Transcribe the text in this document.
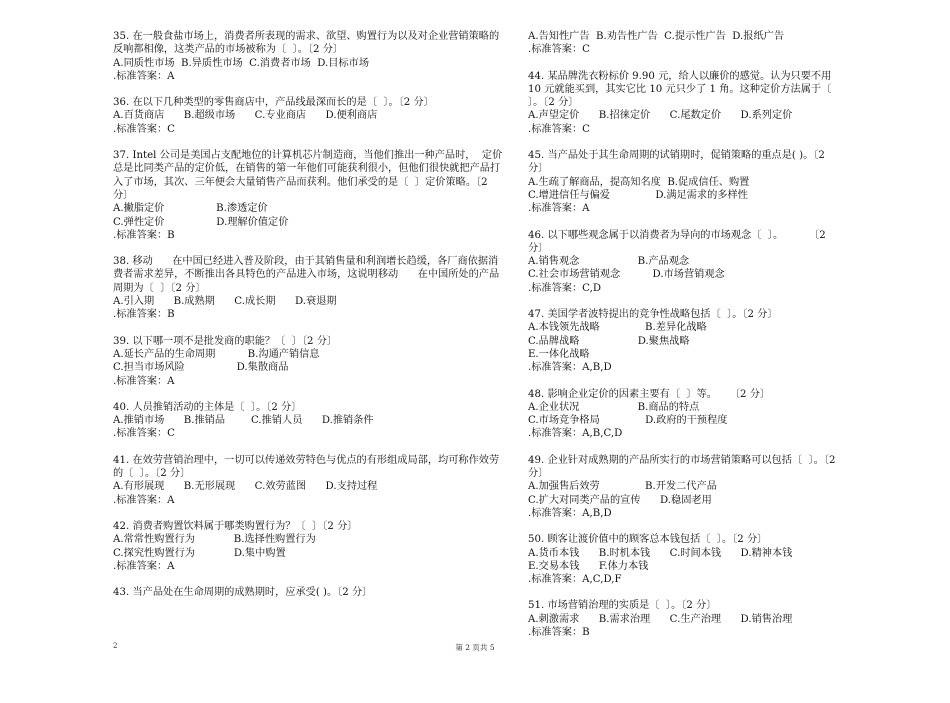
35. 在一般食盐市场上，消费者所表现的需求、欲望、购置行为以及对企业营销策略的反响都相像，这类产品的市场被称为〔  〕。〔2 分〕
A.同质性市场  B.异质性市场  C.消费者市场  D.目标市场
.标准答案：A
36. 在以下几种类型的零售商店中，产品线最深而长的是〔  〕。〔2 分〕
A.百货商店      B.超级市场      C.专业商店      D.便利商店
.标准答案：C
37. Intel 公司是美国占支配地位的计算机芯片制造商，当他们推出一种产品时，  定价总是比同类产品的定价低，在销售的第一年他们可能获利很小，但他们很快就把产品打入了市场，其次、三年便会大量销售产品而获利。他们承受的是〔  〕定价策略。〔2 分〕
A.撇脂定价                B.渗透定价
C.弹性定价                D.理解价值定价
.标准答案：B
38. 移动      在中国已经进入普及阶段，由于其销售量和利润增长趋缓，各厂商依据消费者需求差异，不断推出各具特色的产品进入市场，这说明移动      在中国所处的产品周期为〔  〕〔2 分〕
A.引入期      B.成熟期      C.成长期      D.衰退期
.标准答案：B
39. 以下哪一项不是批发商的职能？〔  〕〔2 分〕
A.延长产品的生命周期          B.沟通产销信息
C.担当市场风险                D.集散商品
.标准答案：A
40. 人员推销活动的主体是〔  〕。〔2 分〕
A.推销市场      B.推销品        C.推销人员      D.推销条件
.标准答案：C
41. 在效劳营销治理中，一切可以传递效劳特色与优点的有形组成局部，均可称作效劳的〔  〕。〔2 分〕
A.有形展现      B.无形展现      C.效劳蓝图      D.支持过程
.标准答案：A
42. 消费者购置饮料属于哪类购置行为？〔  〕〔2 分〕
A.常常性购置行为            B.选择性购置行为
C.探究性购置行为            D.集中购置
.标准答案：A
43. 当产品处在生命周期的成熟期时，应承受( )。〔2 分〕
A.告知性广告  B.劝告性广告  C.提示性广告  D.报纸广告
.标准答案：C
44. 某品牌洗衣粉标价 9.90 元，给人以廉价的感觉。认为只要不用 10 元就能买到，其实它比 10 元只少了 1 角。这种定价方法属于〔  〕。〔2 分〕
A.声望定价      B.招徕定价      C.尾数定价      D.系列定价
.标准答案：C
45. 当产品处于其生命周期的试销期时，促销策略的重点是( )。〔2 分〕
A.生疏了解商品，提高知名度  B.促成信任、购置
C.增进信任与偏爱              D.满足需求的多样性
.标准答案：A
46. 以下哪些观念属于以消费者为导向的市场观念〔  〕。        〔2 分〕
A.销售观念                  B.产品观念
C.社会市场营销观念          D.市场营销观念
.标准答案：C,D
47. 美国学者波特提出的竞争性战略包括〔  〕。〔2 分〕
A.本钱领先战略              B.差异化战略
C.品牌战略                  D.聚焦战略
E.一体化战略
.标准答案：A,B,D
48. 影响企业定价的因素主要有〔  〕等。    〔2 分〕
A.企业状况                  B.商品的特点
C.市场竞争格局              D.政府的干预程度
.标准答案：A,B,C,D
49. 企业针对成熟期的产品所实行的市场营销策略可以包括〔  〕。〔2 分〕
A.加强售后效劳              B.开发二代产品
C.扩大对同类产品的宣传      D.稳固老用
.标准答案：A,B,D
50. 顾客让渡价值中的顾客总本钱包括〔  〕。〔2 分〕
A.货币本钱      B.时机本钱      C.时间本钱      D.精神本钱
E.交易本钱      F.体力本钱
.标准答案：A,C,D,F
51. 市场营销治理的实质是〔  〕。〔2 分〕
A.刺激需求      B.需求治理      C.生产治理      D.销售治理
.标准答案：B
2	第 2 页共 5
